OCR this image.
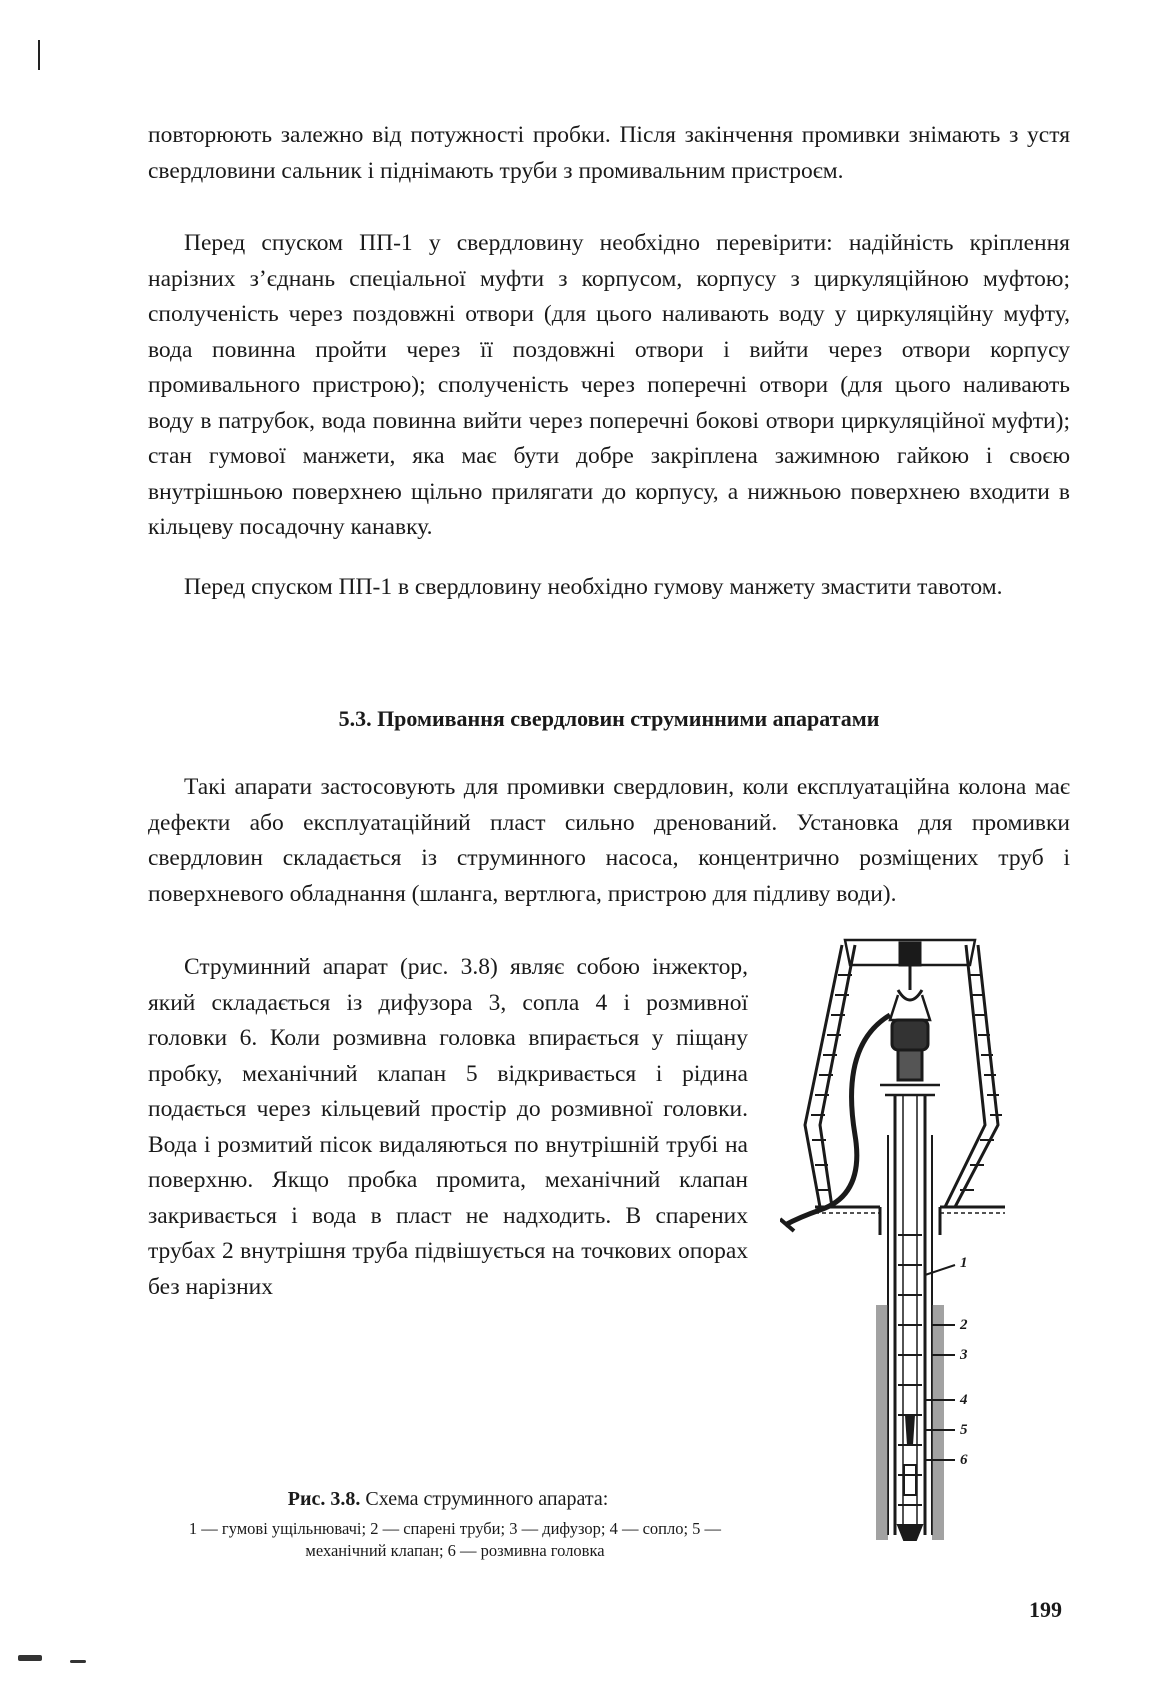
повторюють залежно від потужності пробки. Після закінчення промивки знімають з устя свердловини сальник і піднімають труби з промивальним пристроєм.

Перед спуском ПП-1 у свердловину необхідно перевірити: надійність кріплення нарізних з’єднань спеціальної муфти з корпусом, корпусу з циркуляційною муфтою; сполученість через поздовжні отвори (для цього наливають воду у циркуляційну муфту, вода повинна пройти через її поздовжні отвори і вийти через отвори корпусу промивального пристрою); сполученість через поперечні отвори (для цього наливають воду в патрубок, вода повинна вийти через поперечні бокові отвори циркуляційної муфти); стан гумової манжети, яка має бути добре закріплена зажимною гайкою і своєю внутрішньою поверхнею щільно прилягати до корпусу, а нижньою поверхнею входити в кільцеву посадочну канавку.

Перед спуском ПП-1 в свердловину необхідно гумову манжету змастити тавотом.

5.3. Промивання свердловин струминними апаратами

Такі апарати застосовують для промивки свердловин, коли експлуатаційна колона має дефекти або експлуатаційний пласт сильно дренований. Установка для промивки свердловин складається із струминного насоса, концентрично розміщених труб і поверхневого обладнання (шланга, вертлюга, пристрою для підливу води).

Струминний апарат (рис. 3.8) являє собою інжектор, який складається із дифузора 3, сопла 4 і розмивної головки 6. Коли розмивна головка впирається у піщану пробку, механічний клапан 5 відкривається і рідина подається через кільцевий простір до розмивної головки. Вода і розмитий пісок видаляються по внутрішній трубі на поверхню. Якщо пробка промита, механічний клапан закривається і вода в пласт не надходить. В спарених трубах 2 внутрішня труба підвішується на точкових опорах без нарізних

1
2
3
4
5
6

Рис. 3.8. Схема струминного апарата:

1 — гумові ущільнювачі; 2 — спарені труби; 3 — дифузор; 4 — сопло; 5 — механічний клапан; 6 — розмивна головка

199
